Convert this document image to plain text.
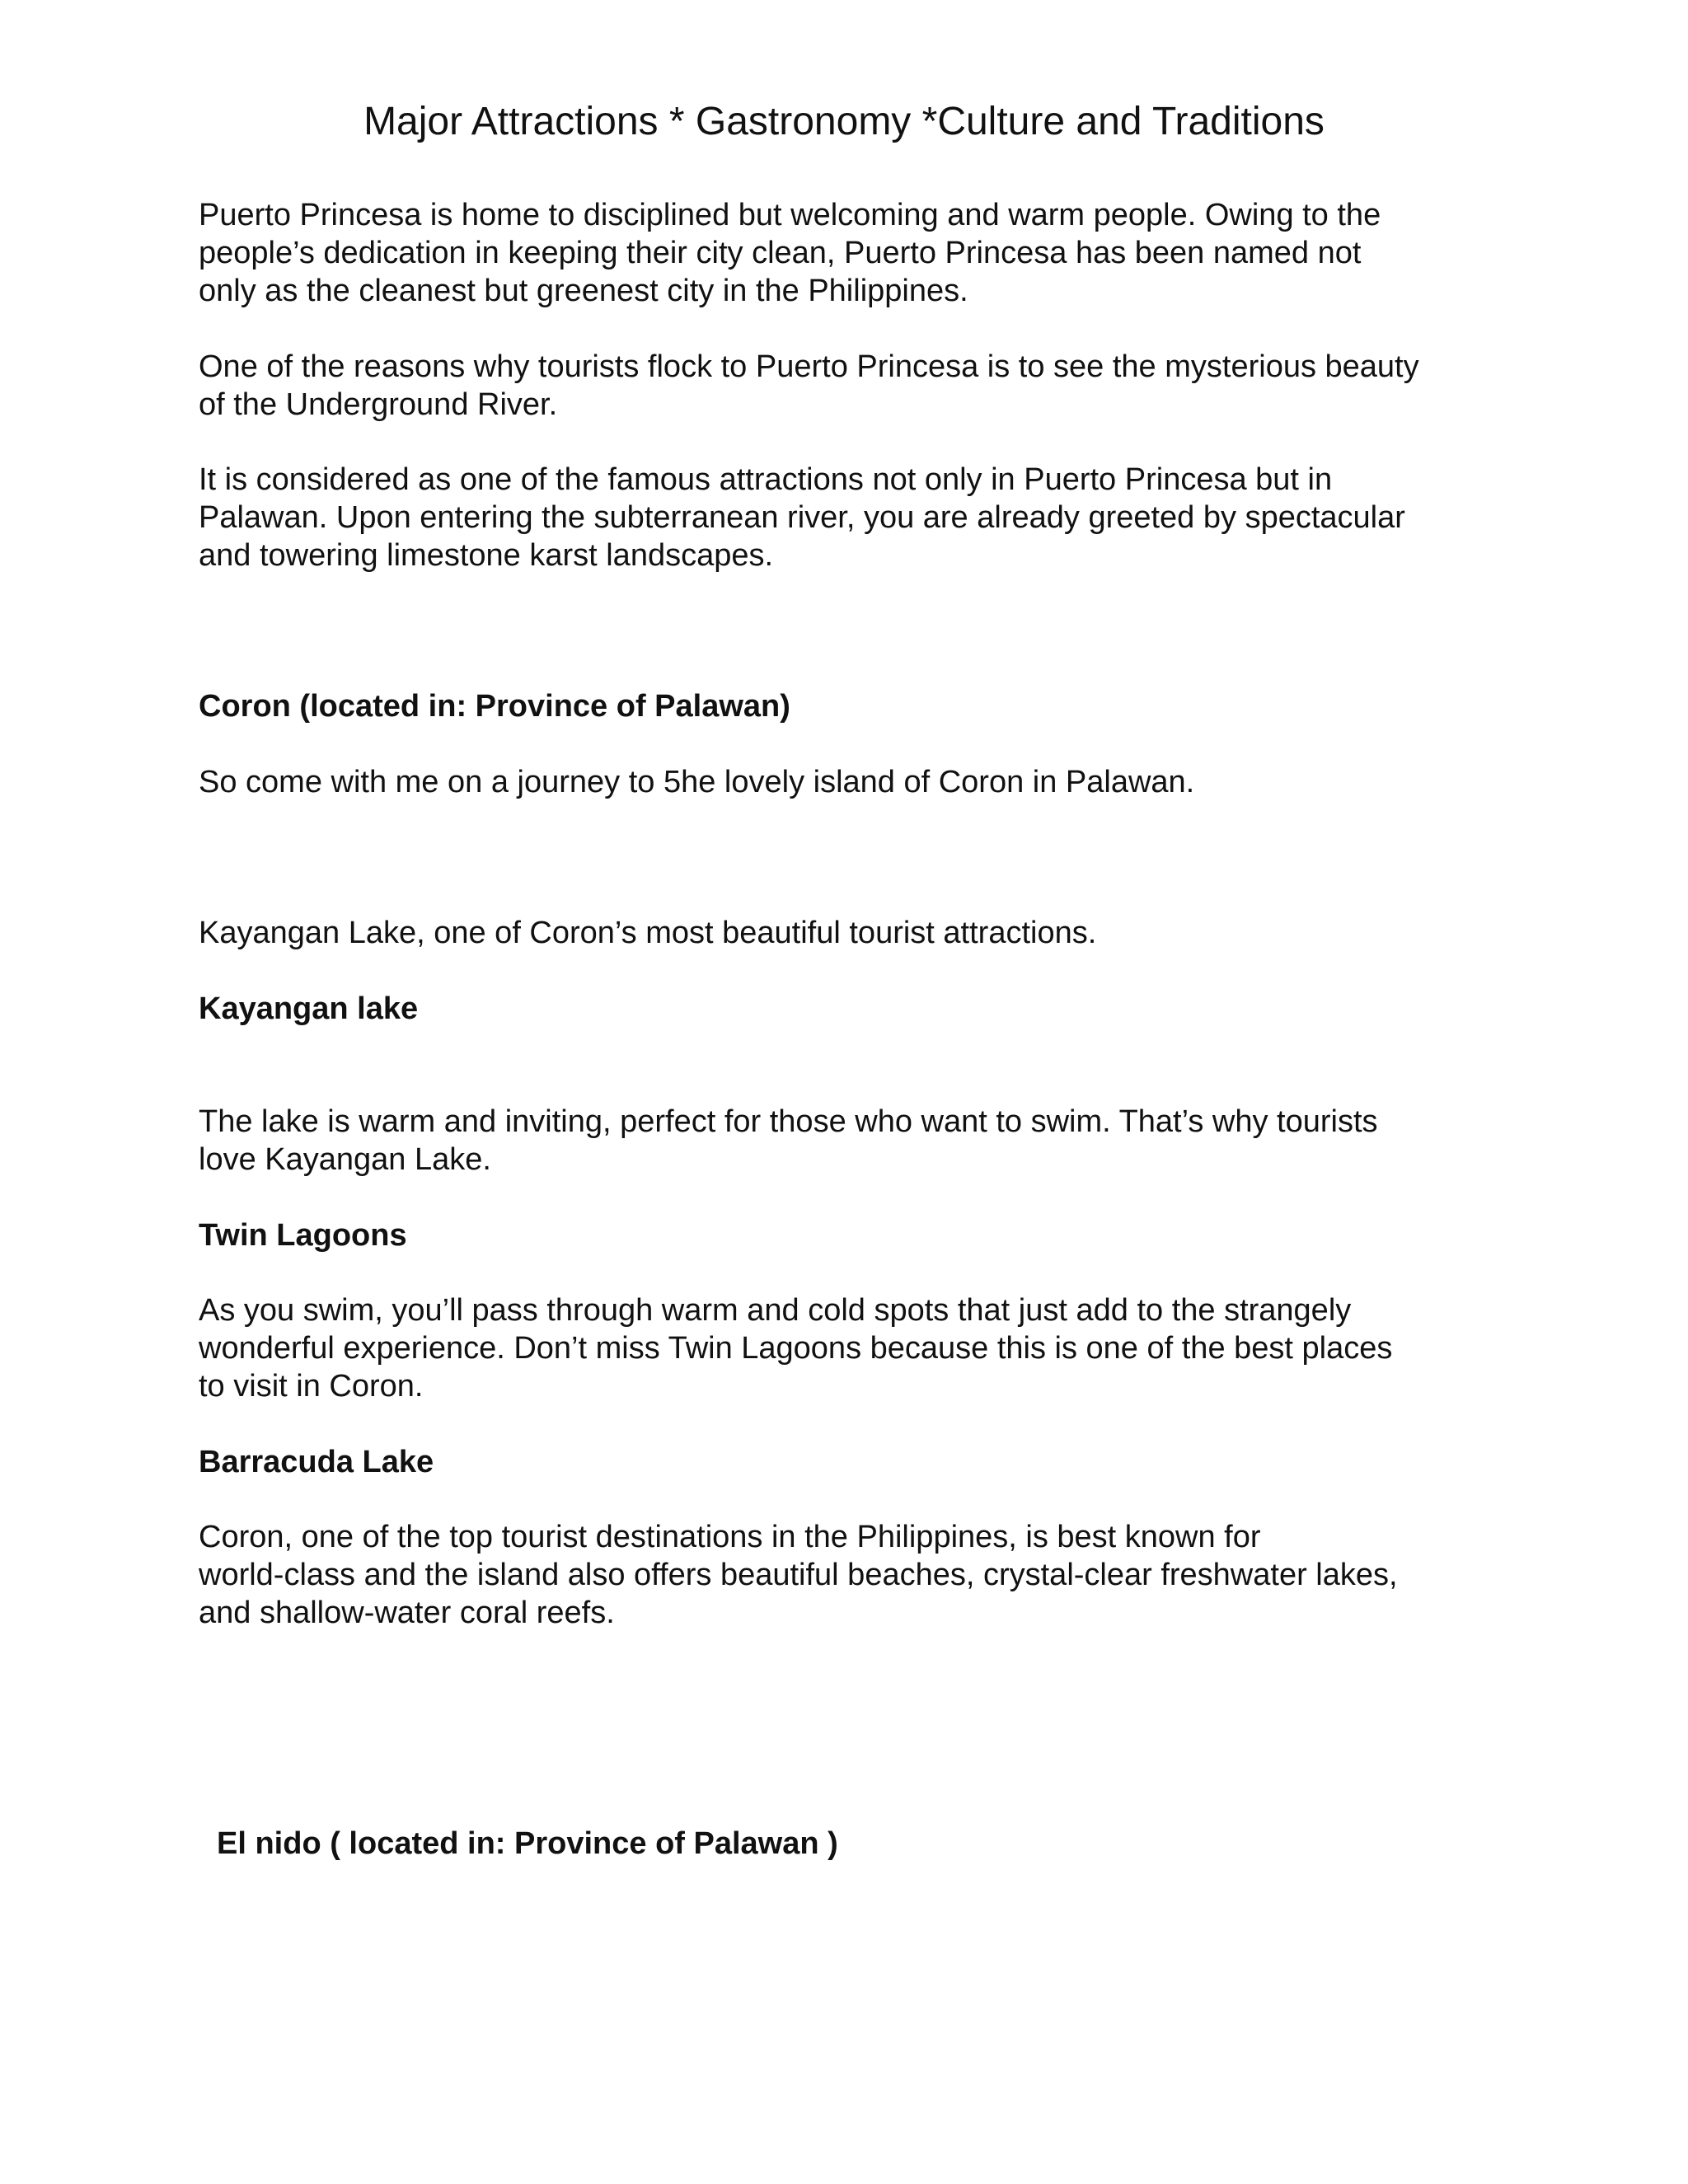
Major Attractions * Gastronomy *Culture and Traditions

Puerto Princesa is home to disciplined but welcoming and warm people. Owing to the
people’s dedication in keeping their city clean, Puerto Princesa has been named not
only as the cleanest but greenest city in the Philippines.

One of the reasons why tourists flock to Puerto Princesa is to see the mysterious beauty
of the Underground River.

It is considered as one of the famous attractions not only in Puerto Princesa but in
Palawan. Upon entering the subterranean river, you are already greeted by spectacular
and towering limestone karst landscapes.

Coron (located in: Province of Palawan)

So come with me on a journey to 5he lovely island of Coron in Palawan.

Kayangan Lake, one of Coron’s most beautiful tourist attractions.

Kayangan lake

The lake is warm and inviting, perfect for those who want to swim. That’s why tourists
love Kayangan Lake.

Twin Lagoons

As you swim, you’ll pass through warm and cold spots that just add to the strangely
wonderful experience. Don’t miss Twin Lagoons because this is one of the best places
to visit in Coron.

Barracuda Lake

Coron, one of the top tourist destinations in the Philippines, is best known for
world-class and the island also offers beautiful beaches, crystal-clear freshwater lakes,
and shallow-water coral reefs.

El nido ( located in: Province of Palawan )
